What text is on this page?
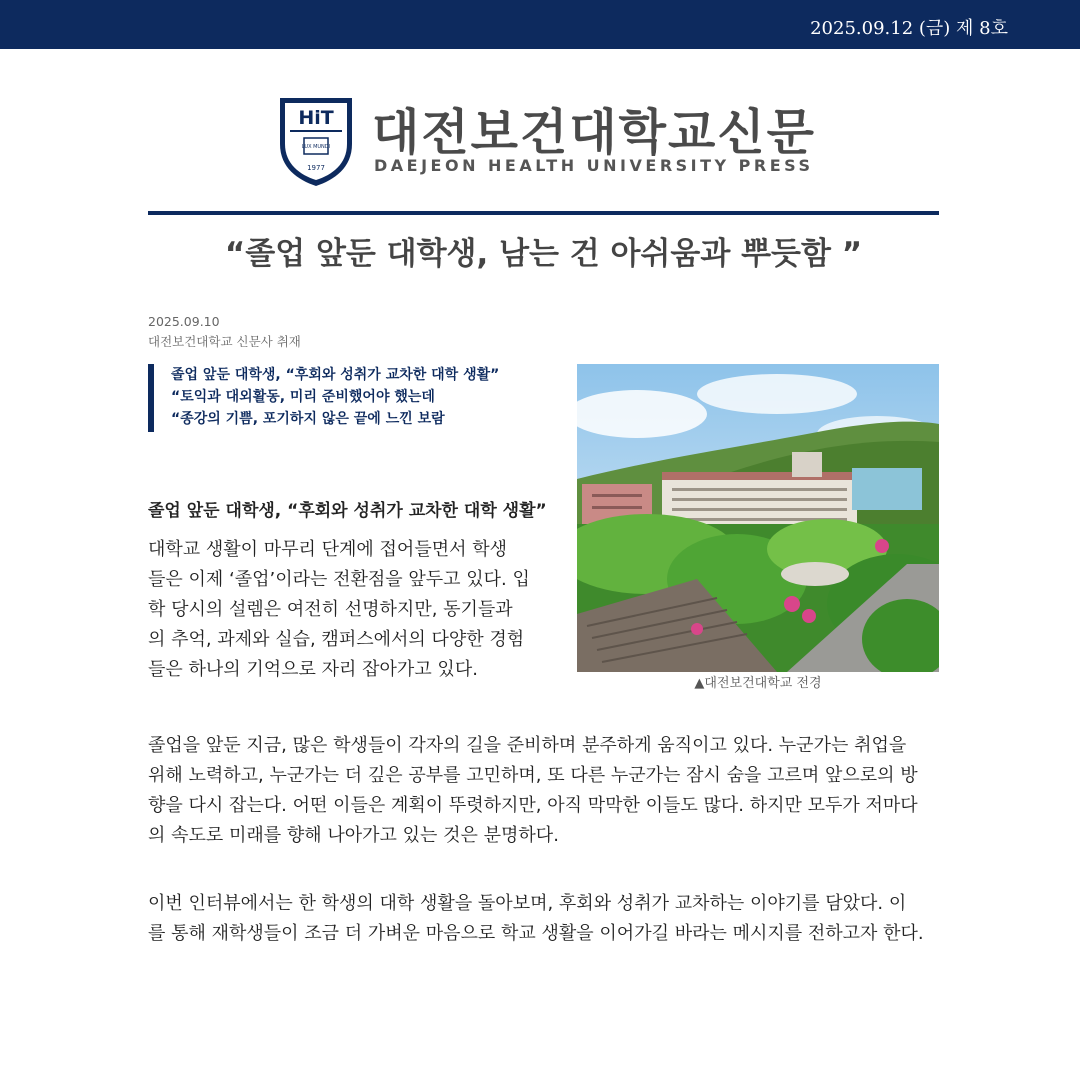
2025.09.12 (금) 제 8호
HiT
LUX MUNDI
1977
대전보건대학교신문
DAEJEON HEALTH UNIVERSITY PRESS
“졸업 앞둔 대학생, 남는 건 아쉬움과 뿌듯함 ”
2025.09.10
대전보건대학교 신문사 취재
졸업 앞둔 대학생, “후회와 성취가 교차한 대학 생활”
“토익과 대외활동, 미리 준비했어야 했는데
“종강의 기쁨, 포기하지 않은 끝에 느낀 보람
▲대전보건대학교 전경
졸업 앞둔 대학생, “후회와 성취가 교차한 대학 생활”
대학교 생활이 마무리 단계에 접어들면서 학생
들은 이제 ‘졸업’이라는 전환점을 앞두고 있다. 입
학 당시의 설렘은 여전히 선명하지만, 동기들과
의 추억, 과제와 실습, 캠퍼스에서의 다양한 경험
들은 하나의 기억으로 자리 잡아가고 있다.
졸업을 앞둔 지금, 많은 학생들이 각자의 길을 준비하며 분주하게 움직이고 있다. 누군가는 취업을
위해 노력하고, 누군가는 더 깊은 공부를 고민하며, 또 다른 누군가는 잠시 숨을 고르며 앞으로의 방
향을 다시 잡는다. 어떤 이들은 계획이 뚜렷하지만, 아직 막막한 이들도 많다. 하지만 모두가 저마다
의 속도로 미래를 향해 나아가고 있는 것은 분명하다.
이번 인터뷰에서는 한 학생의 대학 생활을 돌아보며, 후회와 성취가 교차하는 이야기를 담았다. 이
를 통해 재학생들이 조금 더 가벼운 마음으로 학교 생활을 이어가길 바라는 메시지를 전하고자 한다.
